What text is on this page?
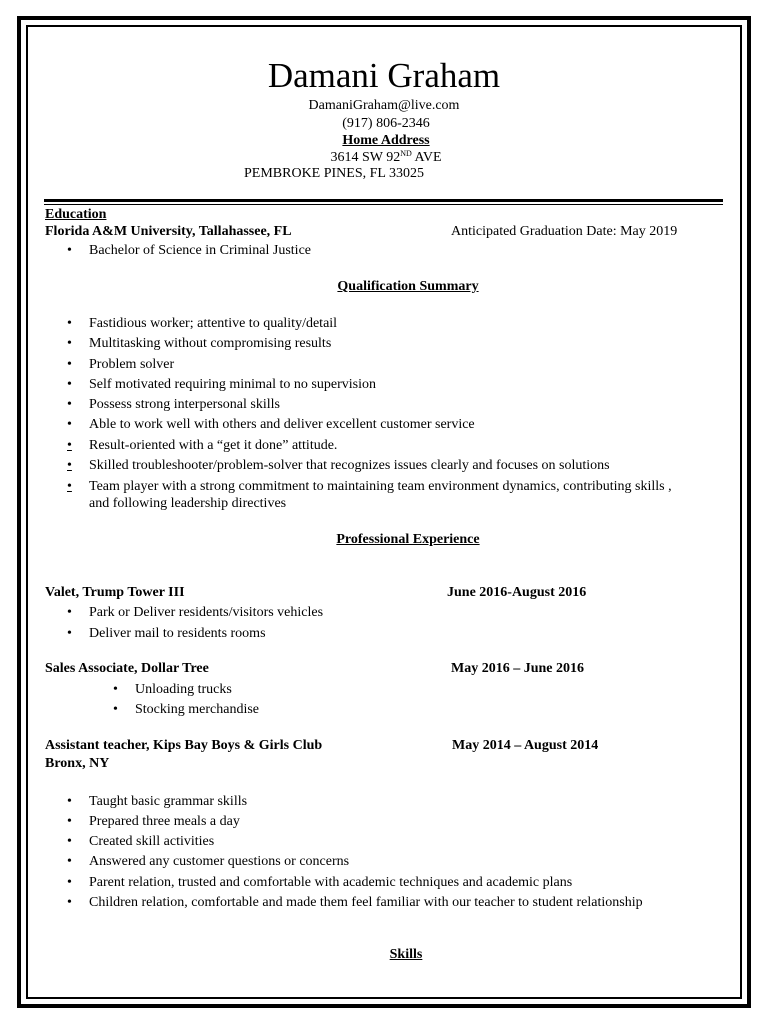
Damani Graham
DamaniGraham@live.com
(917) 806-2346
Home Address
3614 SW 92ND AVE
PEMBROKE PINES, FL 33025
Education
Florida A&M University, Tallahassee, FL	Anticipated Graduation Date: May 2019
•	Bachelor of Science in Criminal Justice
Qualification Summary
•	Fastidious worker; attentive to quality/detail
•	Multitasking without compromising results
•	Problem solver
•	Self motivated requiring minimal to no supervision
•	Possess strong interpersonal skills
•	Able to work well with others and deliver excellent customer service
•	Result-oriented with a “get it done” attitude.
•	Skilled troubleshooter/problem-solver that recognizes issues clearly and focuses on solutions
•	Team player with a strong commitment to maintaining team environment dynamics, contributing skills ,
and following leadership directives
Professional Experience
Valet, Trump Tower III	June 2016-August 2016
•	Park or Deliver residents/visitors vehicles
•	Deliver mail to residents rooms
Sales Associate, Dollar Tree	May 2016 – June 2016
•	Unloading trucks
•	Stocking merchandise
Assistant teacher, Kips Bay Boys & Girls Club	May 2014 – August 2014
Bronx, NY
•	Taught basic grammar skills
•	Prepared three meals a day
•	Created skill activities
•	Answered any customer questions or concerns
•	Parent relation, trusted and comfortable with academic techniques and academic plans
•	Children relation, comfortable and made them feel familiar with our teacher to student relationship
Skills
